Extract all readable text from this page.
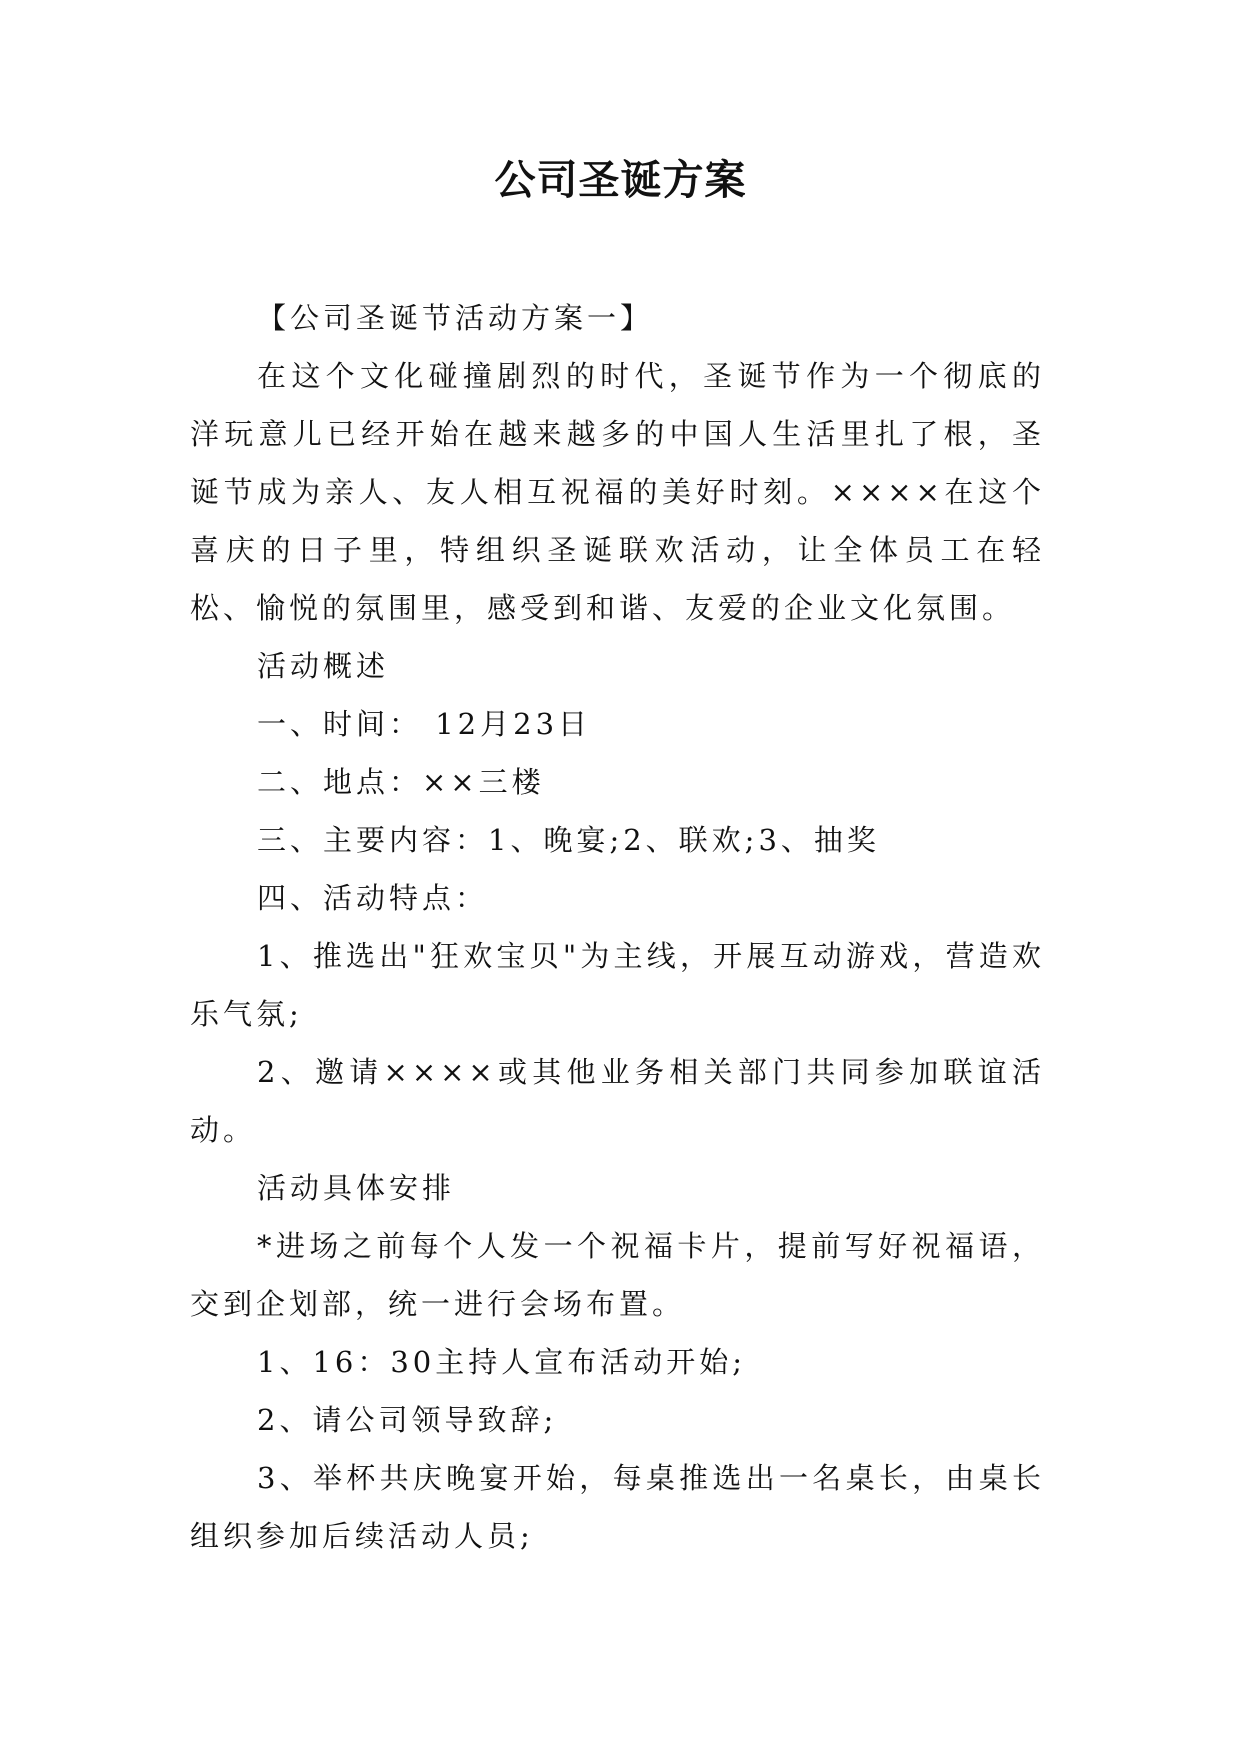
公司圣诞方案

【公司圣诞节活动方案一】

在这个文化碰撞剧烈的时代，圣诞节作为一个彻底的洋玩意儿已经开始在越来越多的中国人生活里扎了根，圣诞节成为亲人、友人相互祝福的美好时刻。××××在这个喜庆的日子里，特组织圣诞联欢活动，让全体员工在轻松、愉悦的氛围里，感受到和谐、友爱的企业文化氛围。

活动概述

一、时间： 12月23日

二、地点：××三楼

三、主要内容：1、晚宴;2、联欢;3、抽奖

四、活动特点：

1、推选出"狂欢宝贝"为主线，开展互动游戏，营造欢乐气氛;

2、邀请××××或其他业务相关部门共同参加联谊活动。

活动具体安排

*进场之前每个人发一个祝福卡片，提前写好祝福语，交到企划部，统一进行会场布置。

1、16：30主持人宣布活动开始;

2、请公司领导致辞;

3、举杯共庆晚宴开始，每桌推选出一名桌长，由桌长组织参加后续活动人员;
